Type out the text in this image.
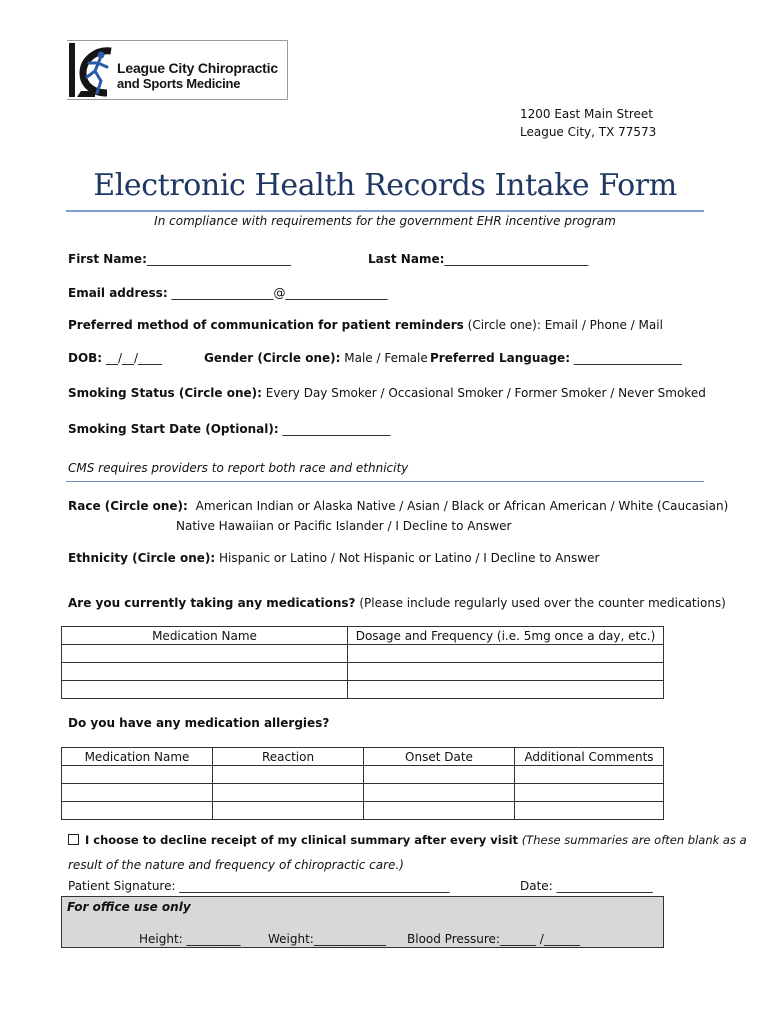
League City Chiropractic
and Sports Medicine
1200 East Main Street
League City, TX 77573
Electronic Health Records Intake Form
In compliance with requirements for the government EHR incentive program
First Name:________________________	Last Name:________________________
Email address: _________________@_________________
Preferred method of communication for patient reminders (Circle one): Email / Phone / Mail
DOB: __/__/____	Gender (Circle one): Male / Female Preferred Language: __________________
Smoking Status (Circle one): Every Day Smoker / Occasional Smoker / Former Smoker / Never Smoked
Smoking Start Date (Optional): __________________
CMS requires providers to report both race and ethnicity
Race (Circle one): American Indian or Alaska Native / Asian / Black or African American / White (Caucasian)
Native Hawaiian or Pacific Islander / I Decline to Answer
Ethnicity (Circle one): Hispanic or Latino / Not Hispanic or Latino / I Decline to Answer
Are you currently taking any medications? (Please include regularly used over the counter medications)
Medication Name	Dosage and Frequency (i.e. 5mg once a day, etc.)

Do you have any medication allergies?
Medication Name	Reaction	Onset Date	Additional Comments

I choose to decline receipt of my clinical summary after every visit (These summaries are often blank as a
result of the nature and frequency of chiropractic care.)
Patient Signature: _____________________________________________	Date: ________________
For office use only
Height: _________ Weight:____________ Blood Pressure:______ /______
